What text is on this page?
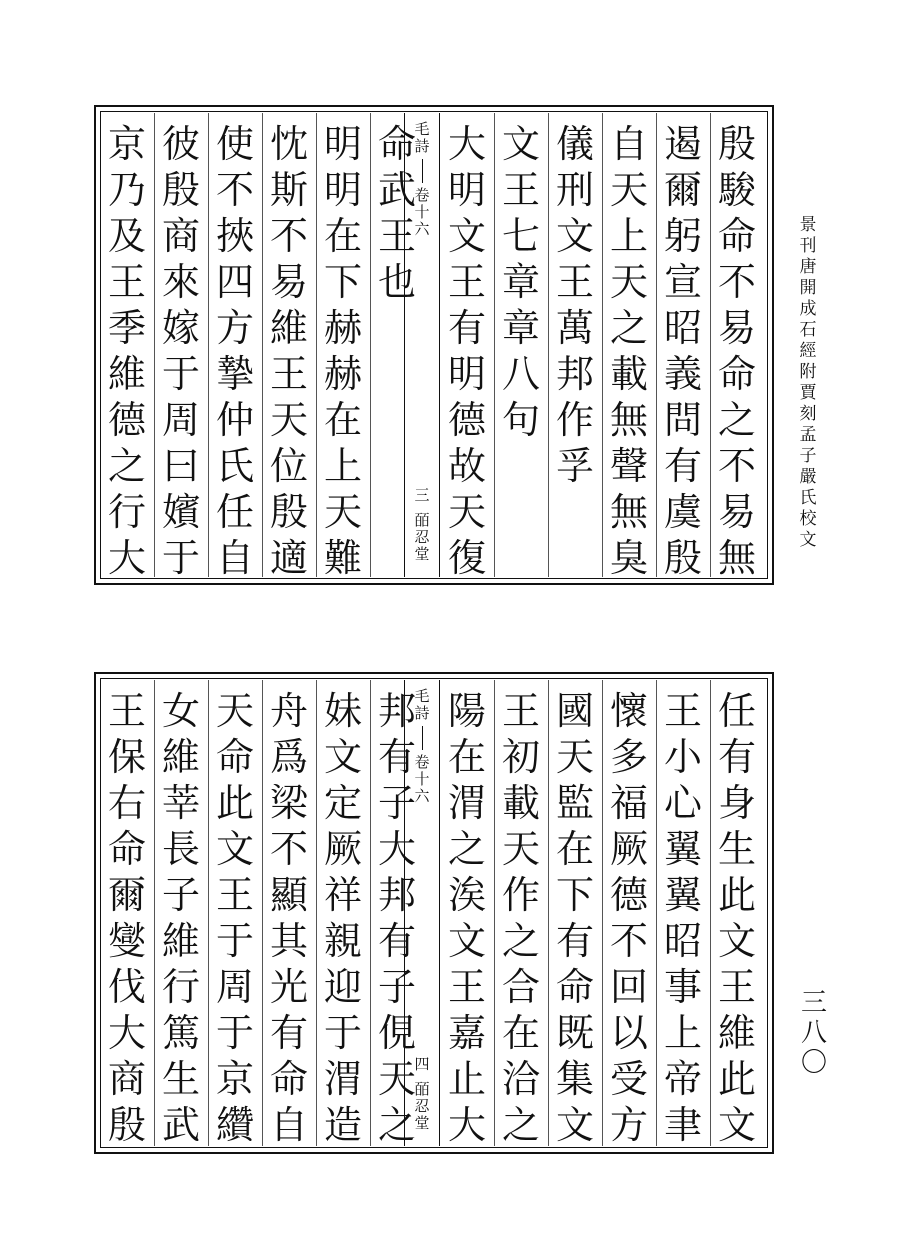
景
刊
唐
開
成
石
經
附
賈
刻
孟
子
嚴
氏
校
文
三
八
〇
毛
詩
卷
十
六
三
皕
忍
堂
殷
駿
命
不
易
命
之
不
易
無
遏
爾
躬
宣
昭
義
問
有
虞
殷
自
天
上
天
之
載
無
聲
無
臭
儀
刑
文
王
萬
邦
作
孚
文
王
七
章
章
八
句
大
明
文
王
有
明
德
故
天
復
命
武
王
也
明
明
在
下
赫
赫
在
上
天
難
忱
斯
不
易
維
王
天
位
殷
適
使
不
挾
四
方
摯
仲
氏
任
自
彼
殷
商
來
嫁
于
周
曰
嬪
于
京
乃
及
王
季
維
德
之
行
大
毛
詩
卷
十
六
四
皕
忍
堂
任
有
身
生
此
文
王
維
此
文
王
小
心
翼
翼
昭
事
上
帝
聿
懷
多
福
厥
德
不
回
以
受
方
國
天
監
在
下
有
命
既
集
文
王
初
載
天
作
之
合
在
洽
之
陽
在
渭
之
涘
文
王
嘉
止
大
邦
有
子
大
邦
有
子
俔
天
之
妹
文
定
厥
祥
親
迎
于
渭
造
舟
爲
梁
不
顯
其
光
有
命
自
天
命
此
文
王
于
周
于
京
纘
女
維
莘
長
子
維
行
篤
生
武
王
保
右
命
爾
燮
伐
大
商
殷
